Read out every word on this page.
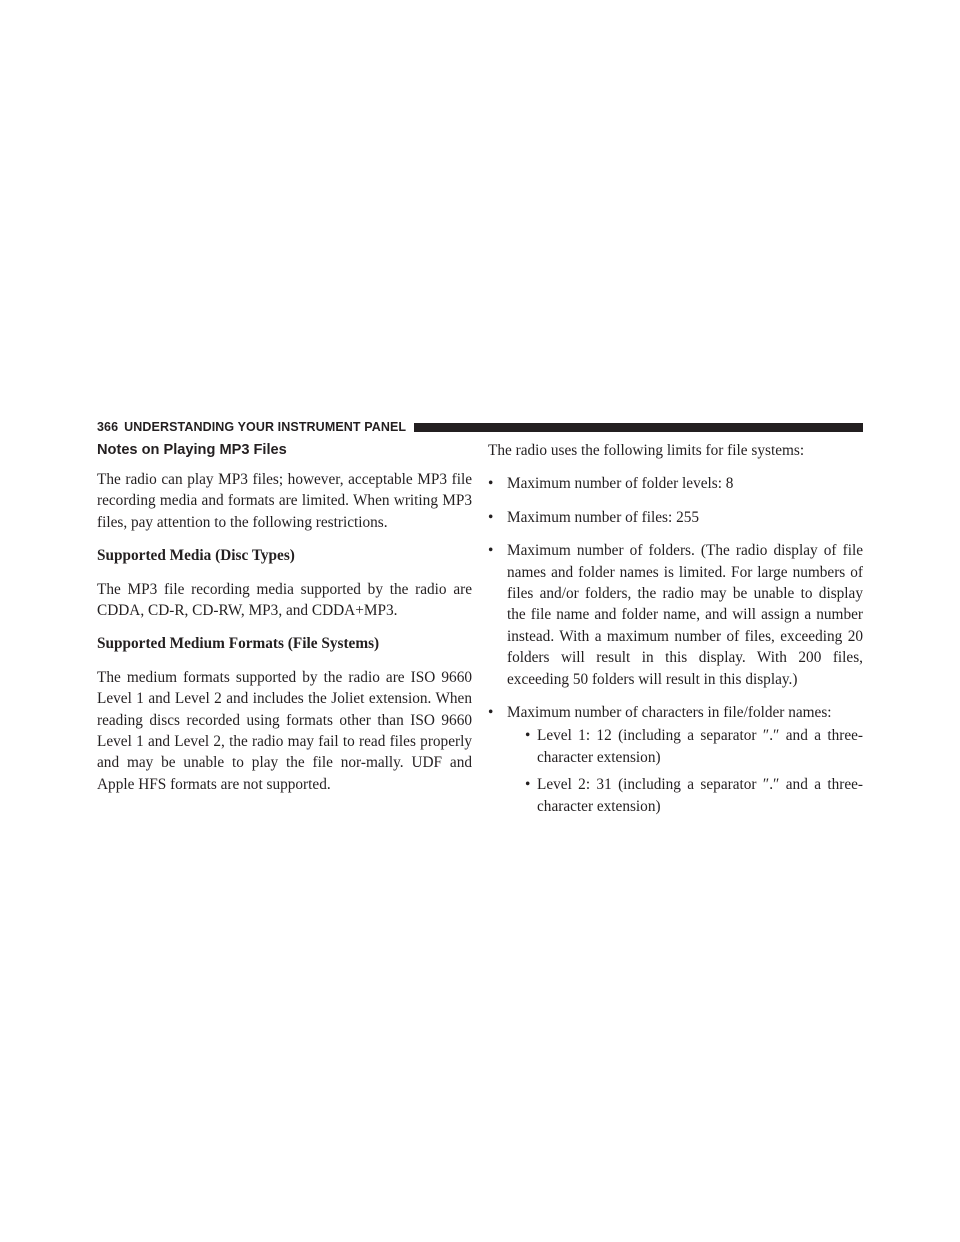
366 UNDERSTANDING YOUR INSTRUMENT PANEL
Notes on Playing MP3 Files

The radio can play MP3 files; however, acceptable MP3 file recording media and formats are limited. When writing MP3 files, pay attention to the following restrictions.

Supported Media (Disc Types)

The MP3 file recording media supported by the radio are CDDA, CD-R, CD-RW, MP3, and CDDA+MP3.

Supported Medium Formats (File Systems)

The medium formats supported by the radio are ISO 9660 Level 1 and Level 2 and includes the Joliet extension. When reading discs recorded using formats other than ISO 9660 Level 1 and Level 2, the radio may fail to read files properly and may be unable to play the file nor-mally. UDF and Apple HFS formats are not supported.

The radio uses the following limits for file systems:

• Maximum number of folder levels: 8
• Maximum number of files: 255
• Maximum number of folders. (The radio display of file names and folder names is limited. For large numbers of files and/or folders, the radio may be unable to display the file name and folder name, and will assign a number instead. With a maximum number of files, exceeding 20 folders will result in this display. With 200 files, exceeding 50 folders will result in this display.)
• Maximum number of characters in file/folder names:
• Level 1: 12 (including a separator ″.″ and a three-character extension)
• Level 2: 31 (including a separator ″.″ and a three-character extension)
